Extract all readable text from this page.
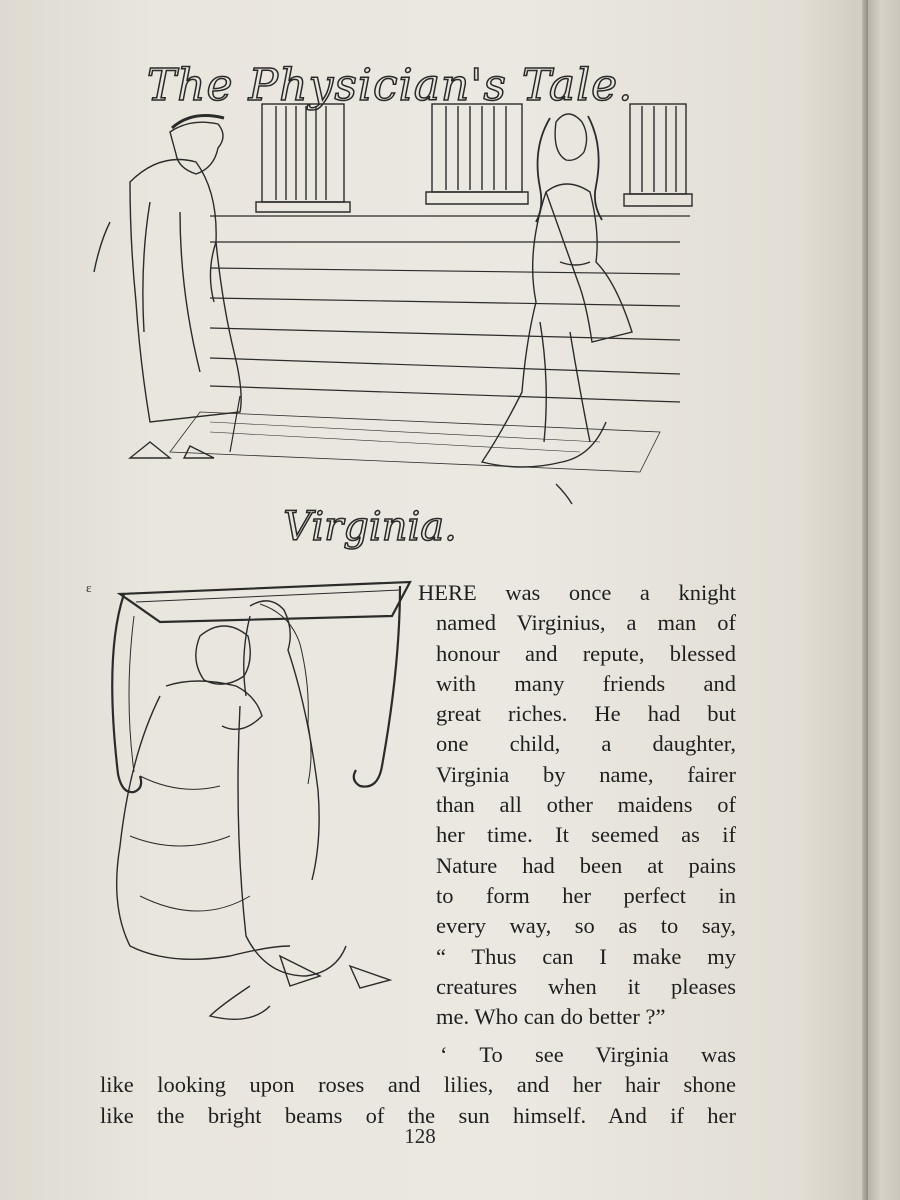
The Physician's Tale.
Virginia.
ε	HERE was once a knight
named Virginius, a man of
honour and repute, blessed
with many friends and
great riches. He had but
one child, a daughter,
Virginia by name, fairer
than all other maidens of
her time. It seemed as if
Nature had been at pains
to form her perfect in
every way, so as to say,
“ Thus can I make my
creatures when it pleases
me. Who can do better ?”
‘ To see Virginia was
like looking upon roses and lilies, and her hair shone
like the bright beams of the sun himself. And if her
128
